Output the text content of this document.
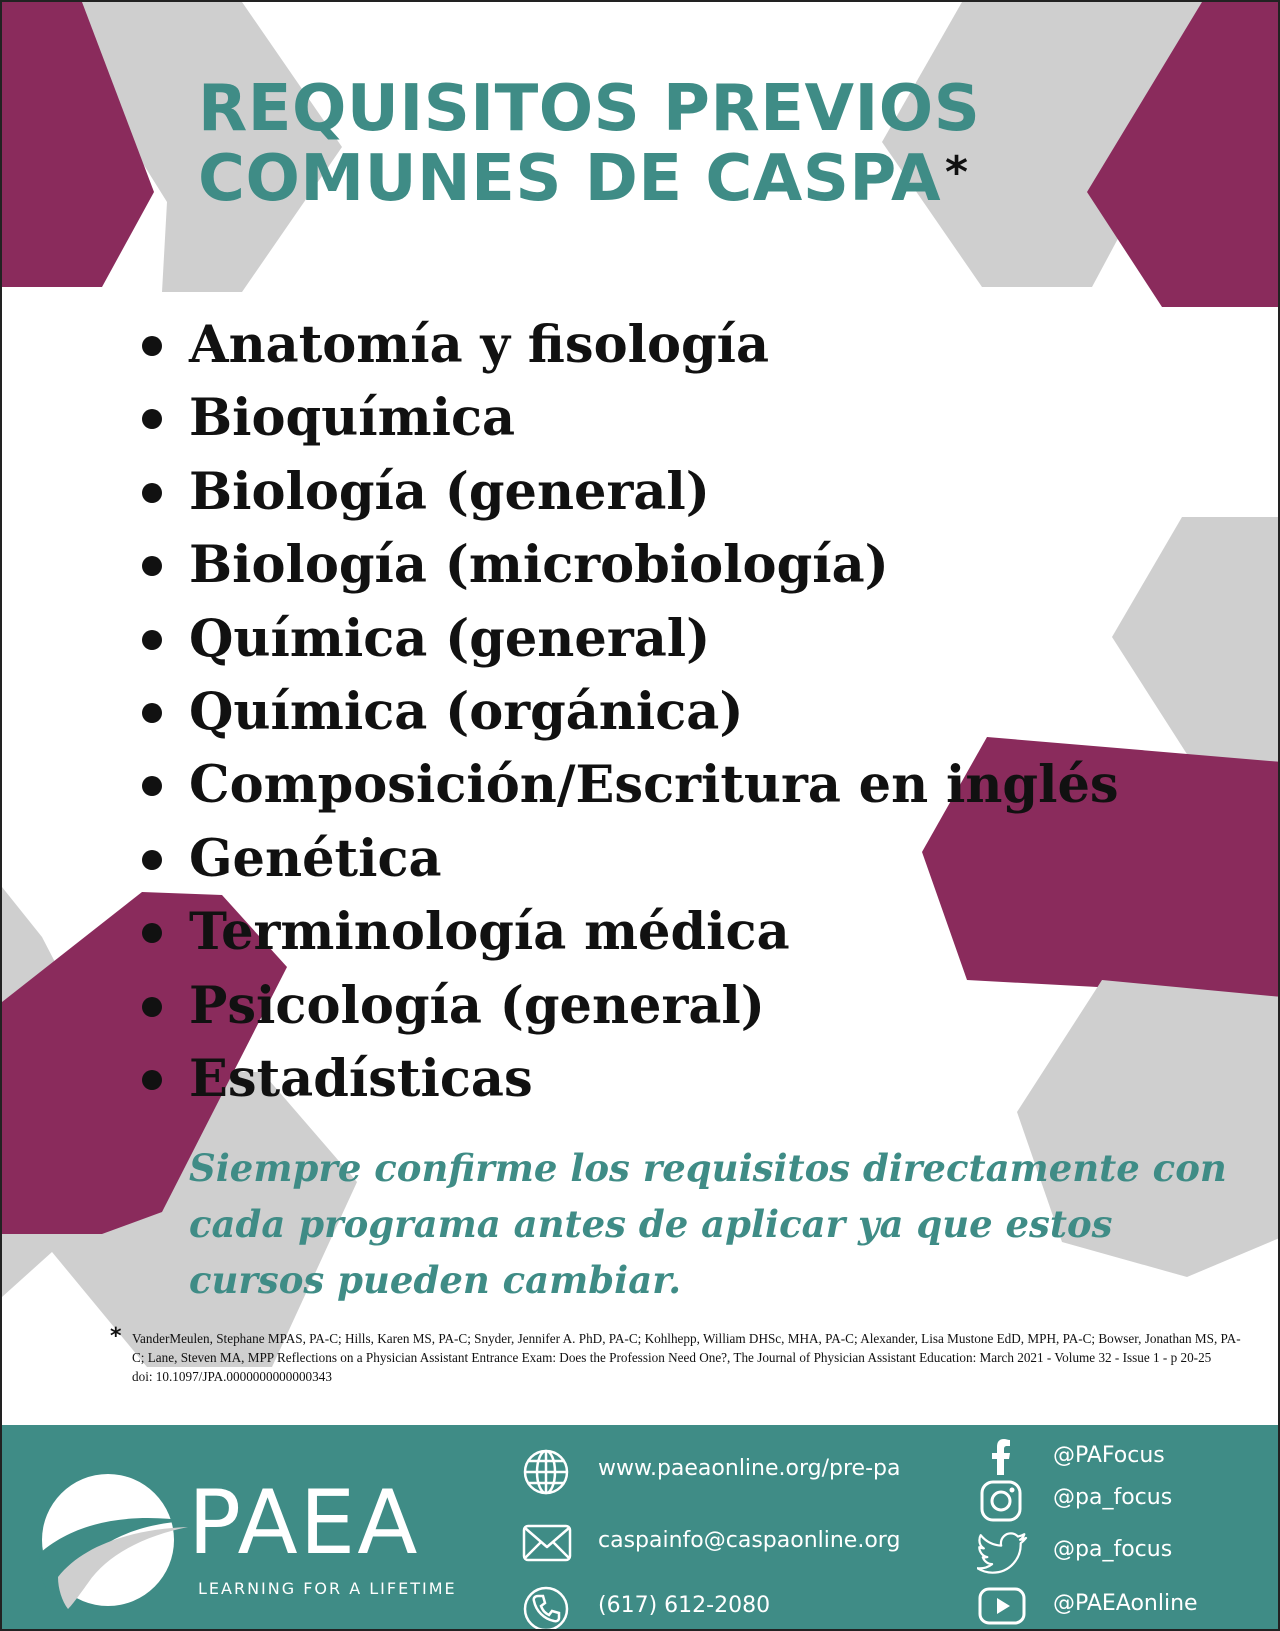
REQUISITOS PREVIOS
COMUNES DE CASPA*
Anatomía y fisología
Bioquímica
Biología (general)
Biología (microbiología)
Química (general)
Química (orgánica)
Composición/Escritura en inglés
Genética
Terminología médica
Psicología (general)
Estadísticas

Siempre confirme los requisitos directamente con cada programa antes de aplicar ya que estos cursos pueden cambiar.

* VanderMeulen, Stephane MPAS, PA-C; Hills, Karen MS, PA-C; Snyder, Jennifer A. PhD, PA-C; Kohlhepp, William DHSc, MHA, PA-C; Alexander, Lisa Mustone EdD, MPH, PA-C; Bowser, Jonathan MS, PA-C; Lane, Steven MA, MPP Reflections on a Physician Assistant Entrance Exam: Does the Profession Need One?, The Journal of Physician Assistant Education: March 2021 - Volume 32 - Issue 1 - p 20-25
doi: 10.1097/JPA.0000000000000343
PAEA
LEARNING FOR A LIFETIME
www.paeaonline.org/pre-pa
caspainfo@caspaonline.org
(617) 612-2080
@PAFocus
@pa_focus
@pa_focus
@PAEAonline
